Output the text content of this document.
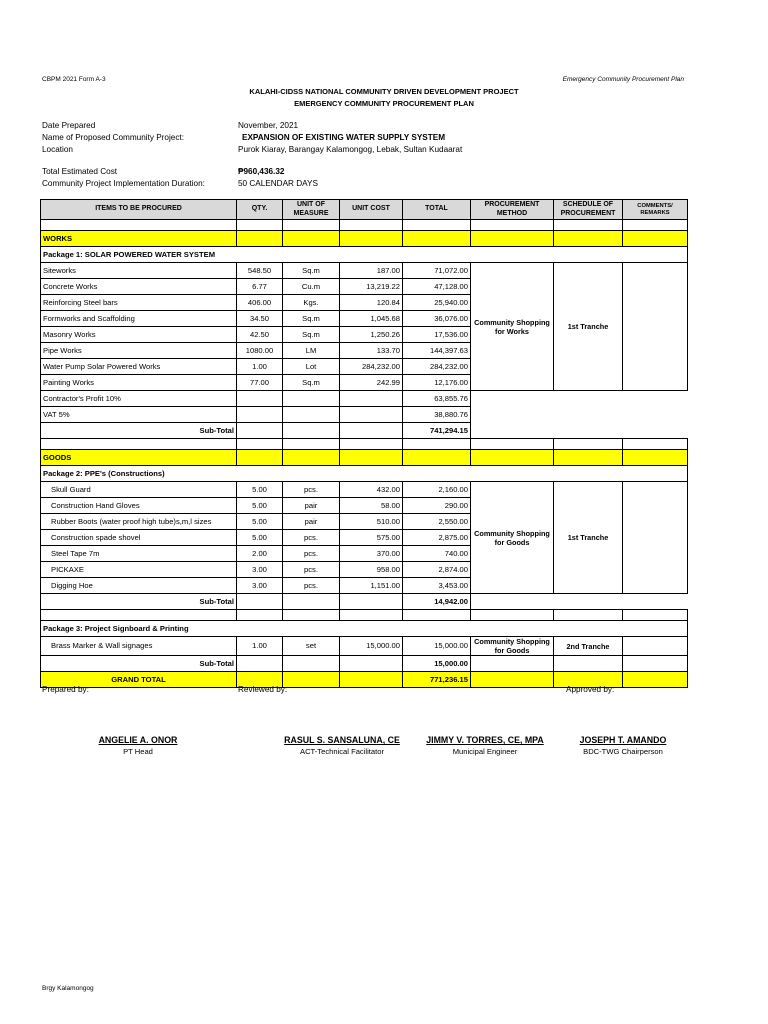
CBPM 2021 Form A-3	Emergency Community Procurement Plan
KALAHI-CIDSS NATIONAL COMMUNITY DRIVEN DEVELOPMENT PROJECT
EMERGENCY COMMUNITY PROCUREMENT PLAN
Date Prepared	November, 2021
Name of Proposed Community Project:	EXPANSION OF EXISTING WATER SUPPLY SYSTEM
Location	Purok Kiaray, Barangay Kalamongog, Lebak, Sultan Kudaarat
Total Estimated Cost	₱960,436.32
Community Project Implementation Duration:	50 CALENDAR DAYS
ITEMS TO BE PROCURED	QTY.	UNIT OF MEASURE	UNIT COST	TOTAL	PROCUREMENT METHOD	SCHEDULE OF PROCUREMENT	COMMENTS/ REMARKS

WORKS							
Package 1: SOLAR POWERED WATER SYSTEM							
Siteworks	548.50	Sq.m	187.00	71,072.00	Community Shopping for Works	1st Tranche	
Concrete Works	6.77	Cu.m	13,219.22	47,128.00			
Reinforcing Steel bars	406.00	Kgs.	120.84	25,940.00			
Formworks and Scaffolding	34.50	Sq.m	1,045.68	36,076.00			
Masonry Works	42.50	Sq.m	1,250.26	17,536.00			
Pipe Works	1080.00	LM	133.70	144,397.63			
Water Pump Solar Powered Works	1.00	Lot	284,232.00	284,232.00			
Painting Works	77.00	Sq.m	242.99	12,176.00			
Contractor's Profit 10%				63,855.76			
VAT 5%				38,880.76			
Sub-Total				741,294.15			

GOODS							
Package 2: PPE's (Constructions)							
Skull Guard	5.00	pcs.	432.00	2,160.00	Community Shopping for Goods	1st Tranche	
Construction Hand Gloves	5.00	pair	58.00	290.00			
Rubber Boots (water proof high tube)s,m,l sizes	5.00	pair	510.00	2,550.00			
Construction spade shovel	5.00	pcs.	575.00	2,875.00			
Steel Tape 7m	2.00	pcs.	370.00	740.00			
PICKAXE	3.00	pcs.	958.00	2,874.00			
Digging Hoe	3.00	pcs.	1,151.00	3,453.00			
Sub-Total				14,942.00			

Package 3: Project Signboard & Printing							
Brass Marker & Wall signages	1.00	set	15,000.00	15,000.00	Community Shopping for Goods	2nd Tranche	
Sub-Total				15,000.00			
GRAND TOTAL				771,236.15			
Prepared by:	Reviewed by:	Approved by:
ANGELIE A. ONOR
PT Head
RASUL S. SANSALUNA, CE
ACT-Technical Facilitator
JIMMY V. TORRES, CE, MPA
Municipal Engineer
JOSEPH T. AMANDO
BDC-TWG Chairperson
Brgy Kalamongog
